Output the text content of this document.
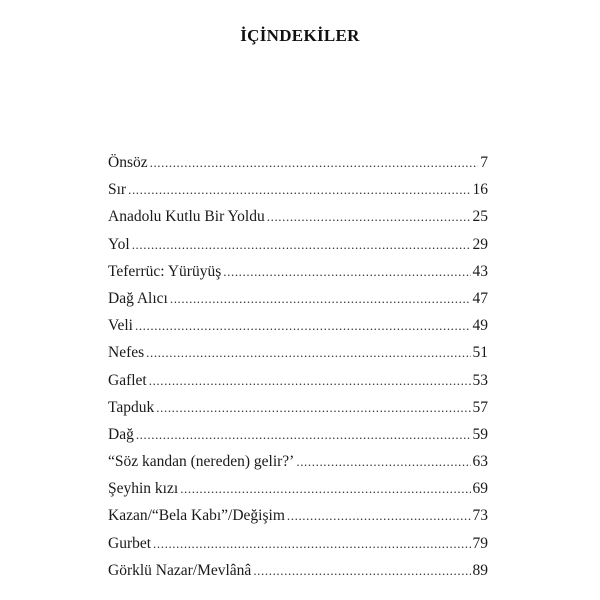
İÇİNDEKİLER
Önsöz .....	7
Sır .....	16
Anadolu Kutlu Bir Yoldu .....	25
Yol .....	29
Teferrüc: Yürüyüş .....	43
Dağ Alıcı .....	47
Veli .....	49
Nefes .....	51
Gaflet .....	53
Tapduk .....	57
Dağ .....	59
“Söz kandan (nereden) gelir?’ .....	63
Şeyhin kızı .....	69
Kazan/“Bela Kabı”/Değişim .....	73
Gurbet .....	79
Görklü Nazar/Mevlânâ .....	89
